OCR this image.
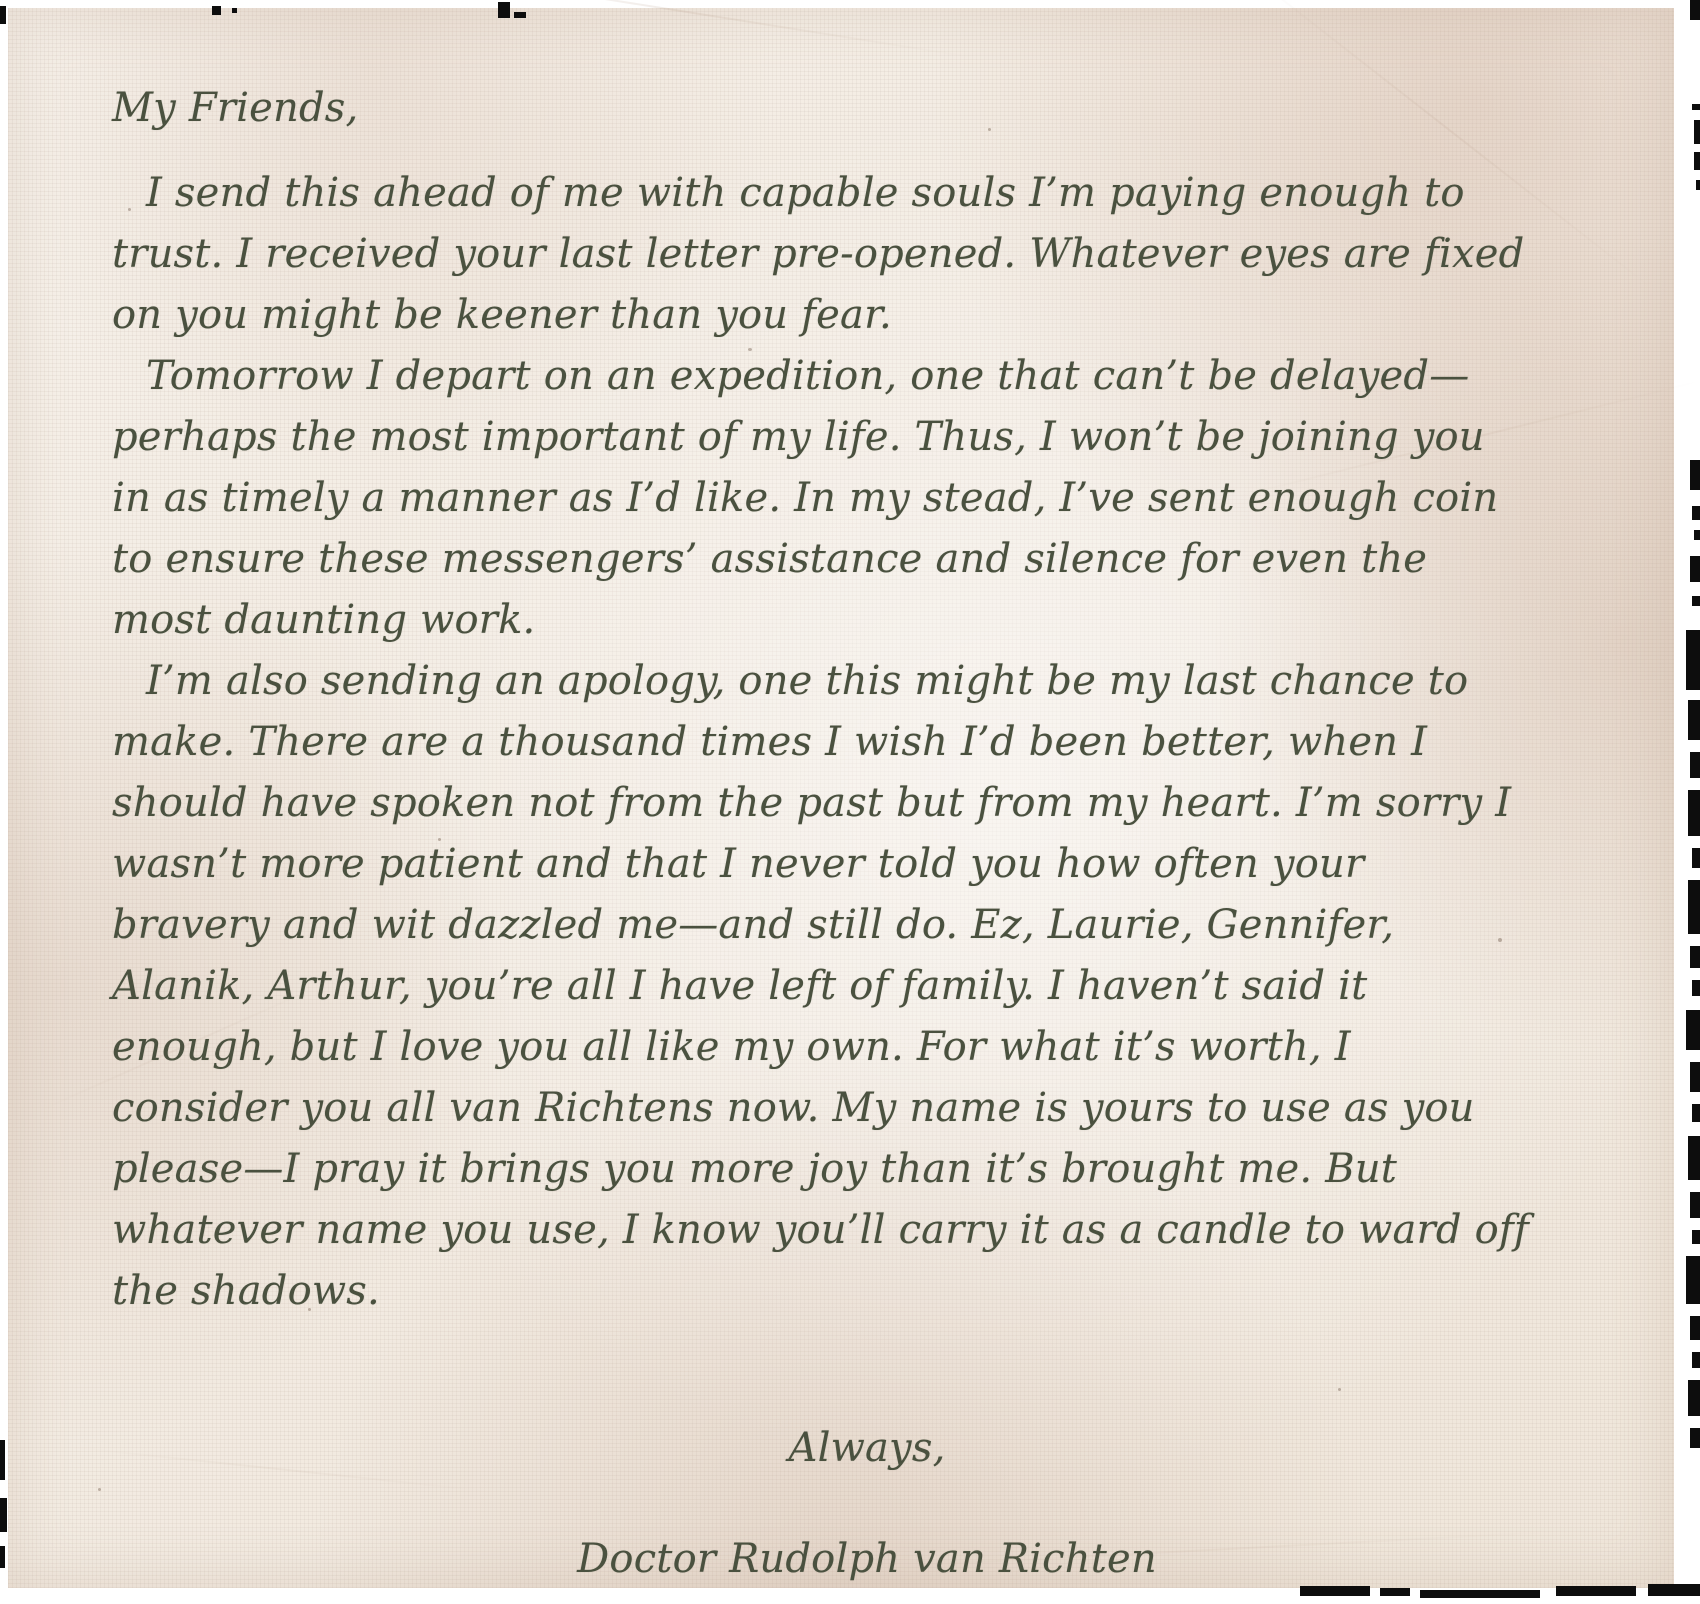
My Friends,

I send this ahead of me with capable souls I’m paying enough to trust. I received your last letter pre-opened. Whatever eyes are fixed on you might be keener than you fear.

Tomorrow I depart on an expedition, one that can’t be delayed—perhaps the most important of my life. Thus, I won’t be joining you in as timely a manner as I’d like. In my stead, I’ve sent enough coin to ensure these messengers’ assistance and silence for even the most daunting work.

I’m also sending an apology, one this might be my last chance to make. There are a thousand times I wish I’d been better, when I should have spoken not from the past but from my heart. I’m sorry I wasn’t more patient and that I never told you how often your bravery and wit dazzled me—and still do. Ez, Laurie, Gennifer, Alanik, Arthur, you’re all I have left of family. I haven’t said it enough, but I love you all like my own. For what it’s worth, I consider you all van Richtens now. My name is yours to use as you please—I pray it brings you more joy than it’s brought me. But whatever name you use, I know you’ll carry it as a candle to ward off the shadows.

Always,

Doctor Rudolph van Richten
